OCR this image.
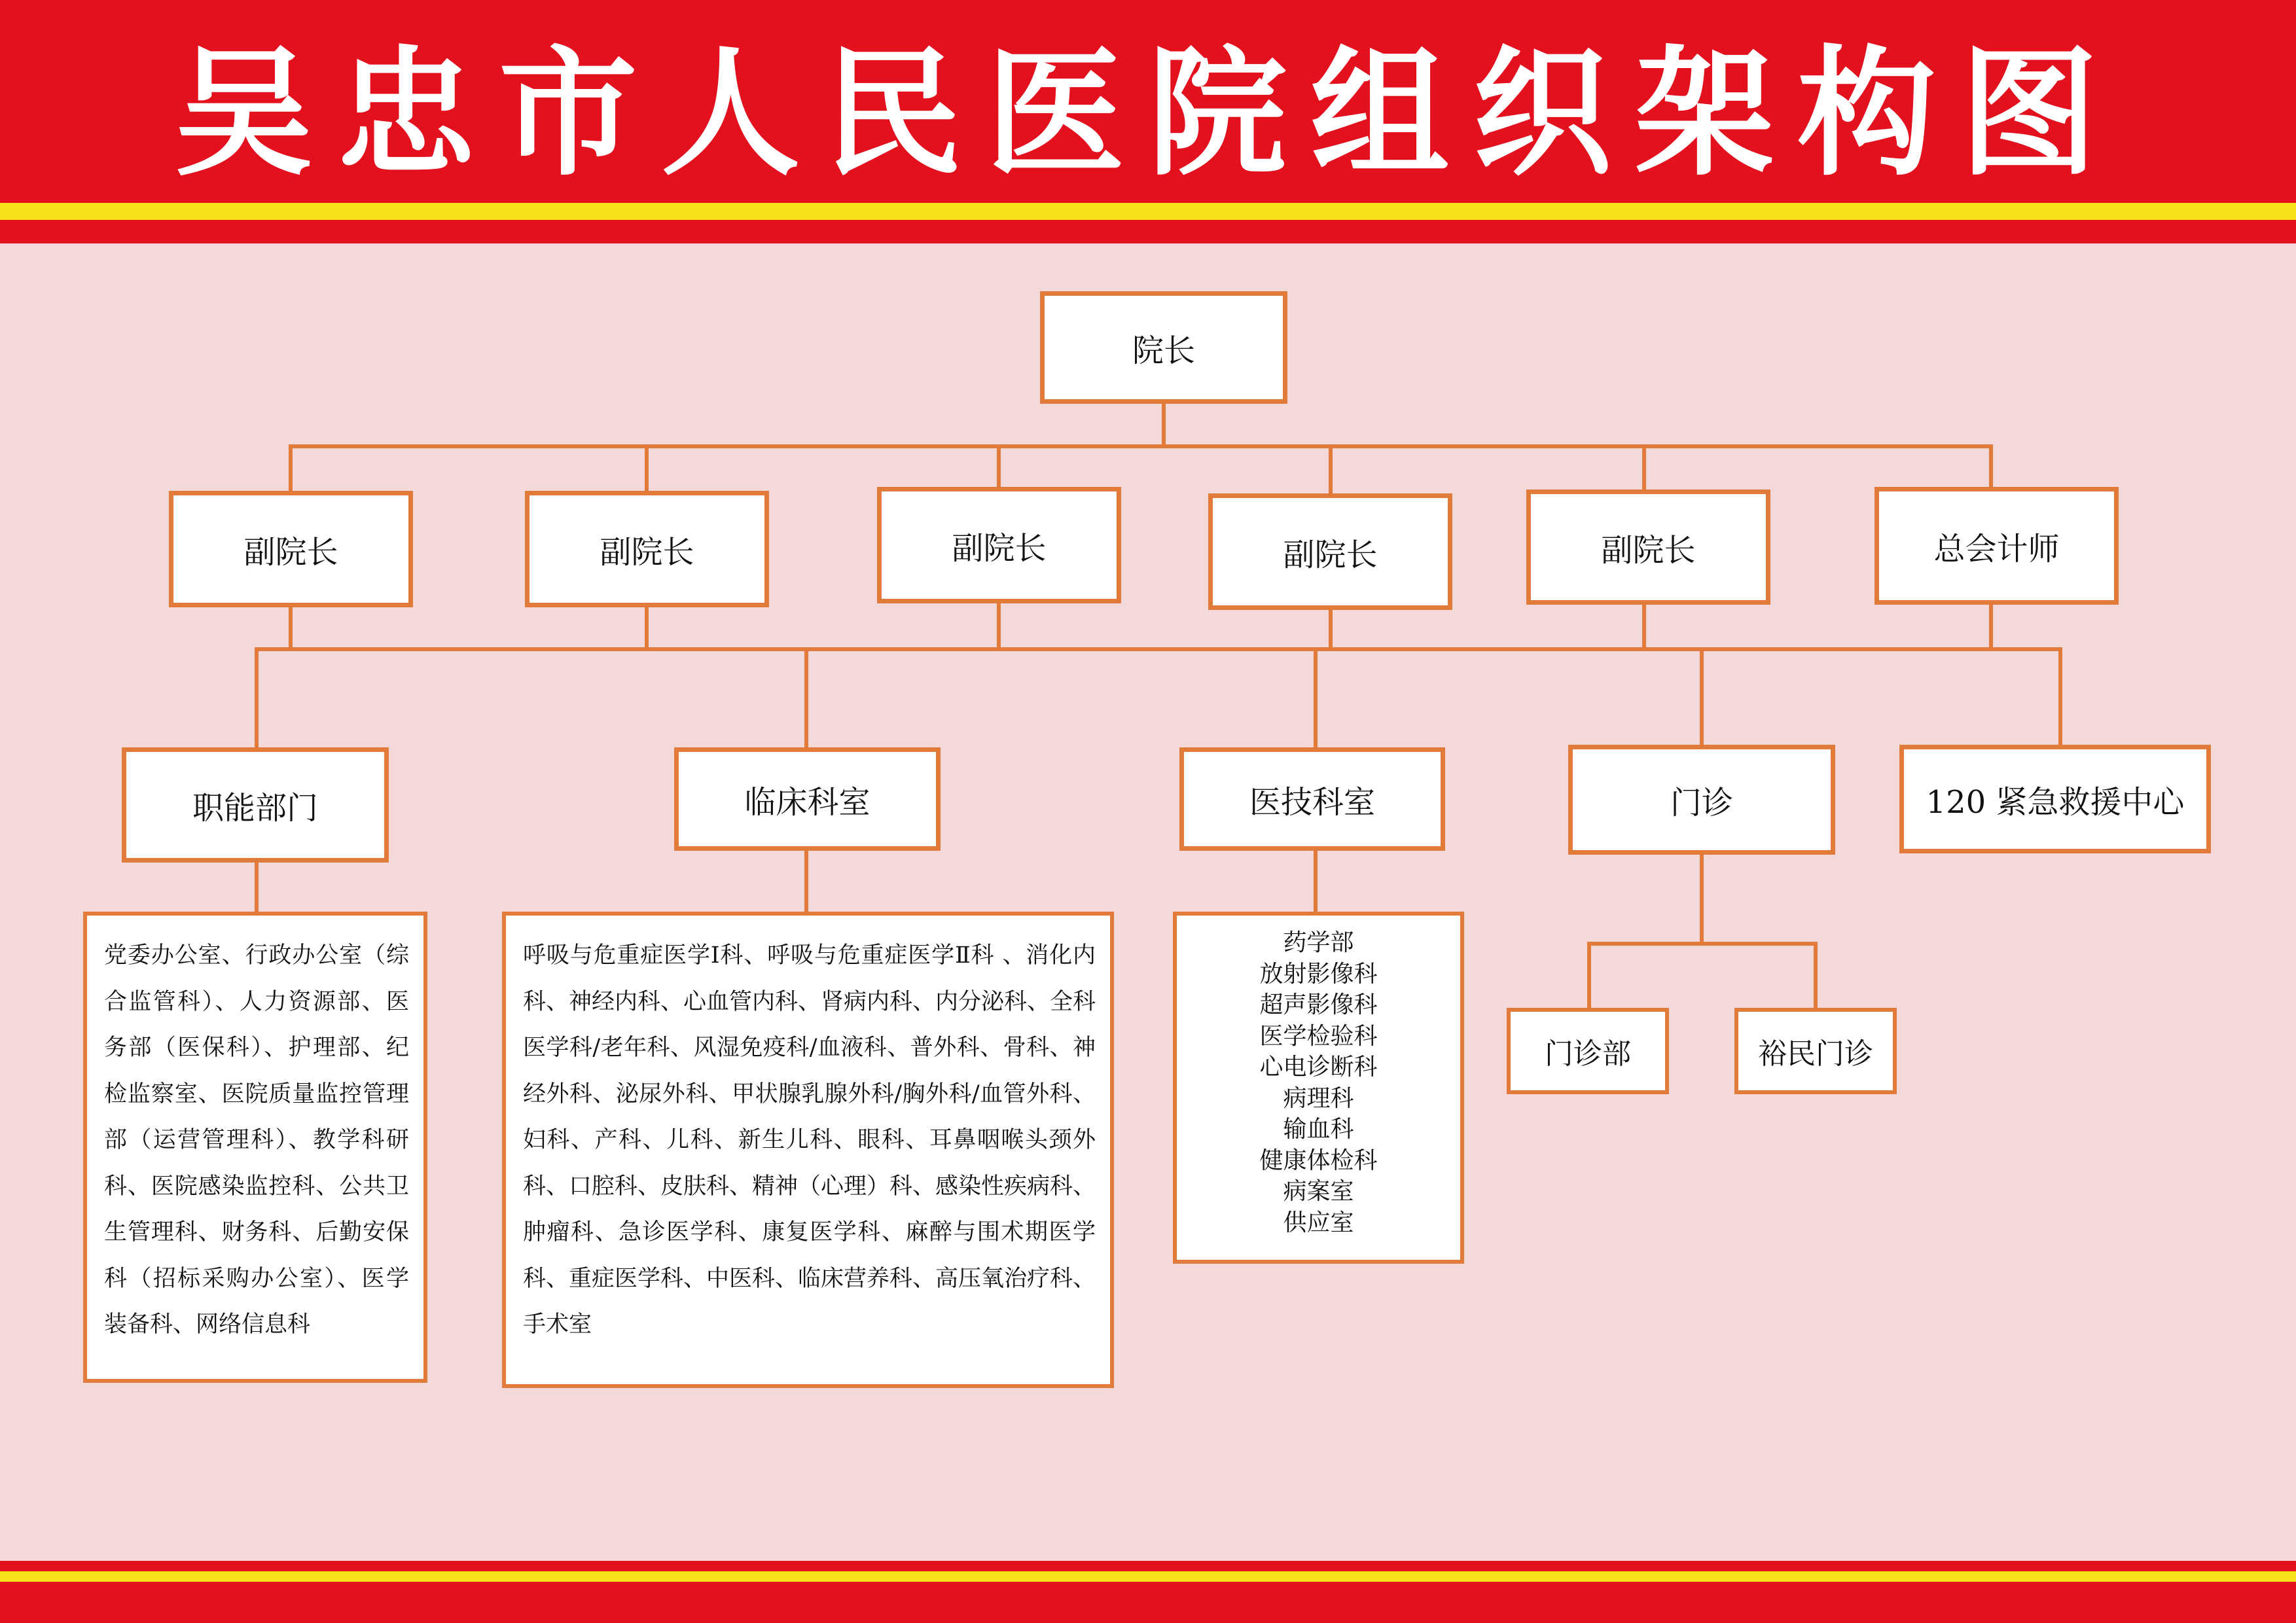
吴忠市人民医院组织架构图
院长
副院长	副院长	副院长	副院长	副院长	总会计师
职能部门	临床科室	医技科室	门诊	120 紧急救援中心
党委办公室、行政办公室（综合监管科）、人力资源部、医务部（医保科）、护理部、纪检监察室、医院质量监控管理部（运营管理科）、教学科研科、医院感染监控科、公共卫生管理科、财务科、后勤安保科（招标采购办公室）、医学装备科、网络信息科
呼吸与危重症医学Ⅰ科、呼吸与危重症医学Ⅱ科 、消化内科、神经内科、心血管内科、肾病内科、内分泌科、全科医学科/老年科、风湿免疫科/血液科、普外科、骨科、神经外科、泌尿外科、甲状腺乳腺外科/胸外科/血管外科、妇科、产科、儿科、新生儿科、眼科、耳鼻咽喉头颈外科、口腔科、皮肤科、精神（心理）科、感染性疾病科、肿瘤科、急诊医学科、康复医学科、麻醉与围术期医学科、重症医学科、中医科、临床营养科、高压氧治疗科、手术室
药学部
放射影像科
超声影像科
医学检验科
心电诊断科
病理科
输血科
健康体检科
病案室
供应室
门诊部	裕民门诊
